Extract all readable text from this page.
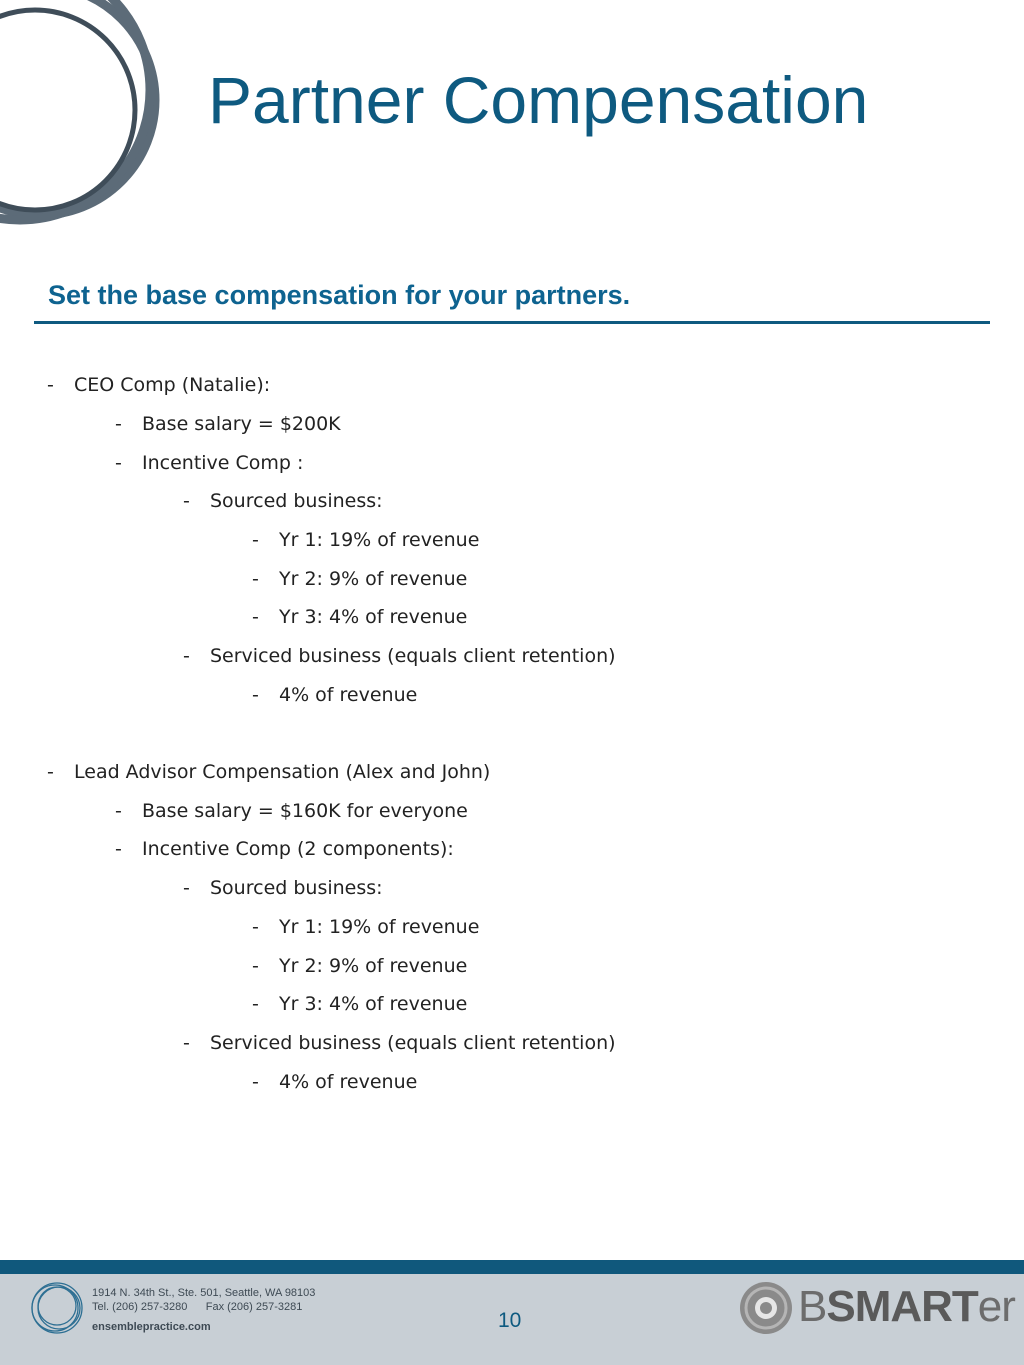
Partner Compensation
Set the base compensation for your partners.
- CEO Comp (Natalie):
- Base salary = $200K
- Incentive Comp :
- Sourced business:
- Yr 1: 19% of revenue
- Yr 2: 9% of revenue
- Yr 3: 4% of revenue
- Serviced business (equals client retention)
- 4% of revenue
- Lead Advisor Compensation (Alex and John)
- Base salary = $160K for everyone
- Incentive Comp (2 components):
- Sourced business:
- Yr 1: 19% of revenue
- Yr 2: 9% of revenue
- Yr 3: 4% of revenue
- Serviced business (equals client retention)
- 4% of revenue
1914 N. 34th St., Ste. 501, Seattle, WA 98103
Tel. (206) 257-3280      Fax (206) 257-3281
ensemblepractice.com	10	BSMARTer
